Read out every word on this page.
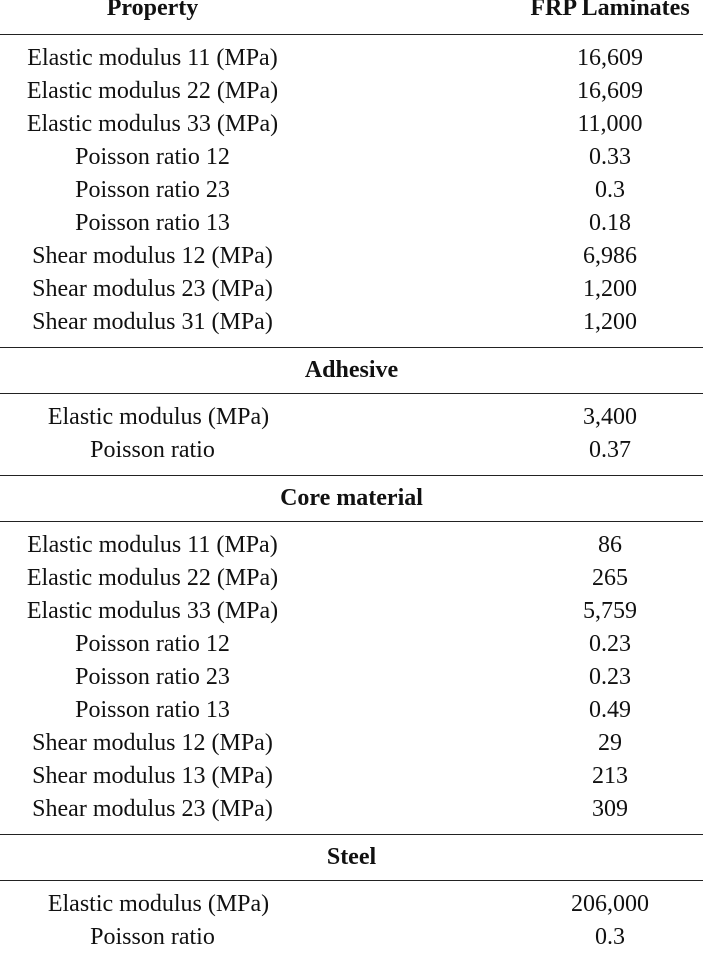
Property	FRP Laminates
Elastic modulus 11 (MPa)	16,609
Elastic modulus 22 (MPa)	16,609
Elastic modulus 33 (MPa)	11,000
Poisson ratio 12	0.33
Poisson ratio 23	0.3
Poisson ratio 13	0.18
Shear modulus 12 (MPa)	6,986
Shear modulus 23 (MPa)	1,200
Shear modulus 31 (MPa)	1,200
Adhesive
Elastic modulus (MPa)	3,400
Poisson ratio	0.37
Core material
Elastic modulus 11 (MPa)	86
Elastic modulus 22 (MPa)	265
Elastic modulus 33 (MPa)	5,759
Poisson ratio 12	0.23
Poisson ratio 23	0.23
Poisson ratio 13	0.49
Shear modulus 12 (MPa)	29
Shear modulus 13 (MPa)	213
Shear modulus 23 (MPa)	309
Steel
Elastic modulus (MPa)	206,000
Poisson ratio	0.3
